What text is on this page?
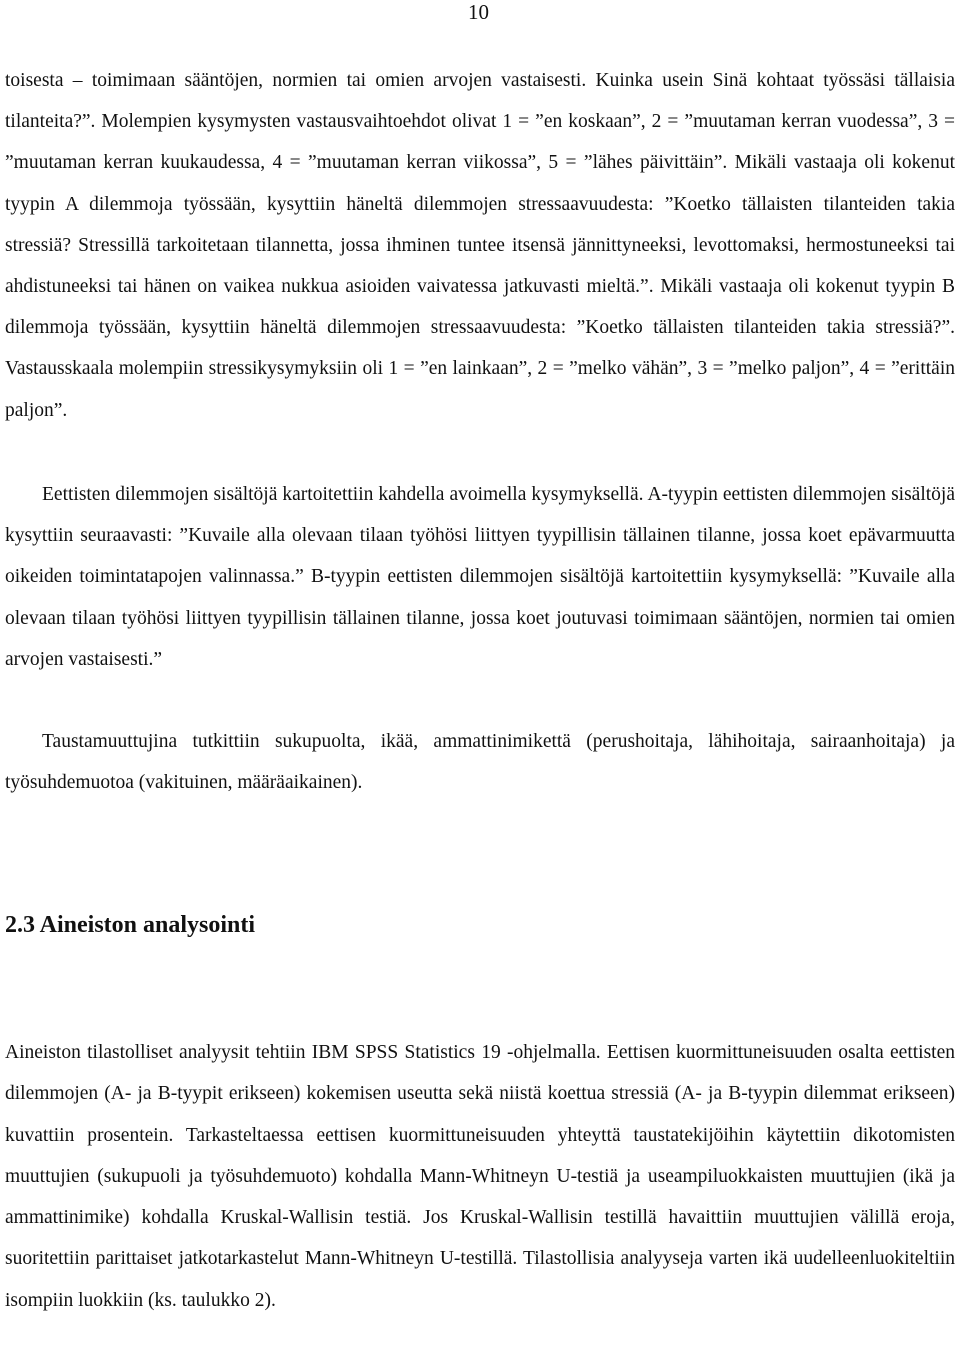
10

toisesta – toimimaan sääntöjen, normien tai omien arvojen vastaisesti. Kuinka usein Sinä kohtaat työssäsi tällaisia tilanteita?”. Molempien kysymysten vastausvaihtoehdot olivat 1 = ”en koskaan”, 2 = ”muutaman kerran vuodessa”, 3 = ”muutaman kerran kuukaudessa, 4 = ”muutaman kerran viikossa”, 5 = ”lähes päivittäin”. Mikäli vastaaja oli kokenut tyypin A dilemmoja työssään, kysyttiin häneltä dilemmojen stressaavuudesta: ”Koetko tällaisten tilanteiden takia stressiä? Stressillä tarkoitetaan tilannetta, jossa ihminen tuntee itsensä jännittyneeksi, levottomaksi, hermostuneeksi tai ahdistuneeksi tai hänen on vaikea nukkua asioiden vaivatessa jatkuvasti mieltä.”. Mikäli vastaaja oli kokenut tyypin B dilemmoja työssään, kysyttiin häneltä dilemmojen stressaavuudesta: ”Koetko tällaisten tilanteiden takia stressiä?”. Vastausskaala molempiin stressikysymyksiin oli 1 = ”en lainkaan”, 2 = ”melko vähän”, 3 = ”melko paljon”, 4 = ”erittäin paljon”.

Eettisten dilemmojen sisältöjä kartoitettiin kahdella avoimella kysymyksellä. A-tyypin eettisten dilemmojen sisältöjä kysyttiin seuraavasti: ”Kuvaile alla olevaan tilaan työhösi liittyen tyypillisin tällainen tilanne, jossa koet epävarmuutta oikeiden toimintatapojen valinnassa.” B-tyypin eettisten dilemmojen sisältöjä kartoitettiin kysymyksellä: ”Kuvaile alla olevaan tilaan työhösi liittyen tyypillisin tällainen tilanne, jossa koet joutuvasi toimimaan sääntöjen, normien tai omien arvojen vastaisesti.”

Taustamuuttujina tutkittiin sukupuolta, ikää, ammattinimikettä (perushoitaja, lähihoitaja, sairaanhoitaja) ja työsuhdemuotoa (vakituinen, määräaikainen).

2.3 Aineiston analysointi

Aineiston tilastolliset analyysit tehtiin IBM SPSS Statistics 19 -ohjelmalla. Eettisen kuormittuneisuuden osalta eettisten dilemmojen (A- ja B-tyypit erikseen) kokemisen useutta sekä niistä koettua stressiä (A- ja B-tyypin dilemmat erikseen) kuvattiin prosentein. Tarkasteltaessa eettisen kuormittuneisuuden yhteyttä taustatekijöihin käytettiin dikotomisten muuttujien (sukupuoli ja työsuhdemuoto) kohdalla Mann-Whitneyn U-testiä ja useampiluokkaisten muuttujien (ikä ja ammattinimike) kohdalla Kruskal-Wallisin testiä. Jos Kruskal-Wallisin testillä havaittiin muuttujien välillä eroja, suoritettiin parittaiset jatkotarkastelut Mann-Whitneyn U-testillä. Tilastollisia analyyseja varten ikä uudelleenluokiteltiin isompiin luokkiin (ks. taulukko 2).
